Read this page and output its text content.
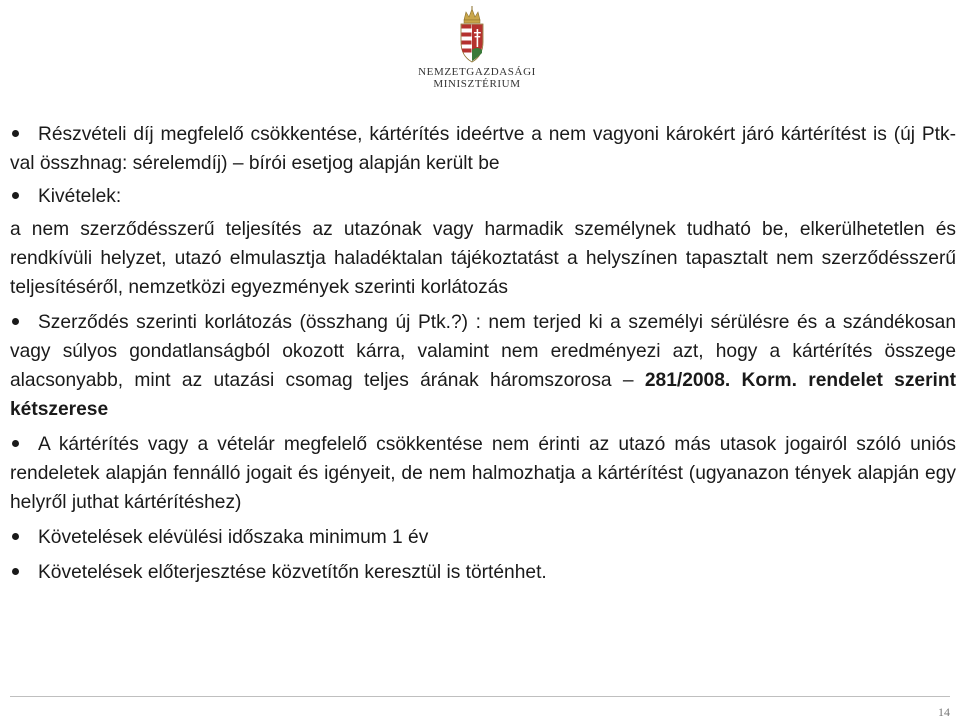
NEMZETGAZDASÁGI
MINISZTÉRIUM
Részvételi díj megfelelő csökkentése, kártérítés ideértve a nem vagyoni károkért járó kártérítést is (új Ptk-val összhnag: sérelemdíj) – bírói esetjog alapján került be
Kivételek:
a nem szerződésszerű teljesítés az utazónak vagy harmadik személynek tudható be, elkerülhetetlen és rendkívüli helyzet, utazó elmulasztja haladéktalan tájékoztatást a helyszínen tapasztalt nem szerződésszerű teljesítéséről, nemzetközi egyezmények szerinti korlátozás
Szerződés szerinti korlátozás (összhang új Ptk.?) : nem terjed ki a személyi sérülésre és a szándékosan vagy súlyos gondatlanságból okozott kárra, valamint nem eredményezi azt, hogy a kártérítés összege alacsonyabb, mint az utazási csomag teljes árának háromszorosa – 281/2008. Korm. rendelet szerint kétszerese
A kártérítés vagy a vételár megfelelő csökkentése nem érinti az utazó más utasok jogairól szóló uniós rendeletek alapján fennálló jogait és igényeit, de nem halmozhatja a kártérítést (ugyanazon tények alapján egy helyről juthat kártérítéshez)
Követelések elévülési időszaka minimum 1 év
Követelések előterjesztése közvetítőn keresztül is történhet.
14
